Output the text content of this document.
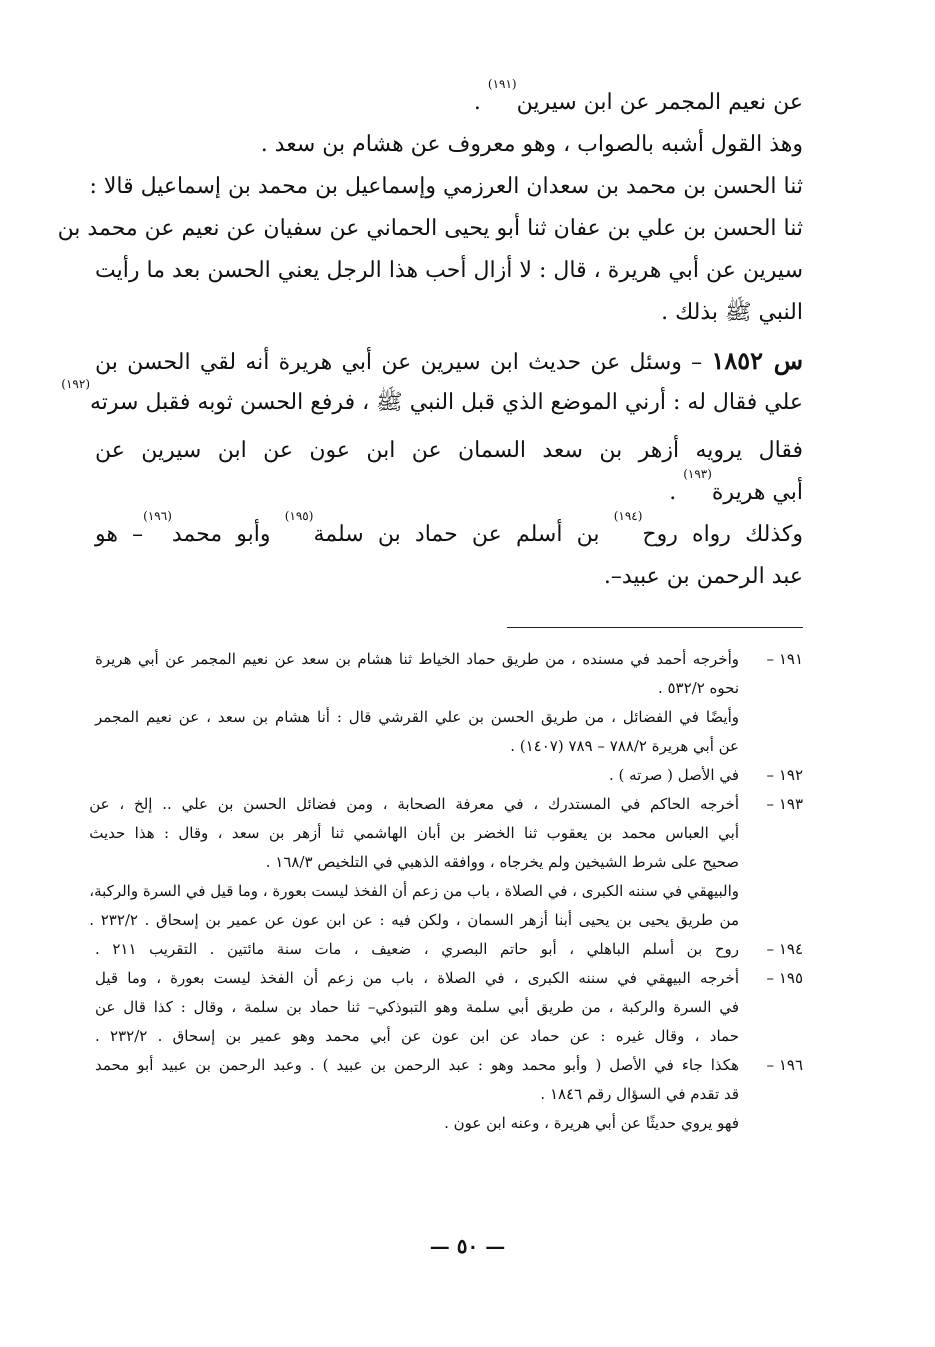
عن نعيم المجمر عن ابن سيرين$^{(١٩١)}$ .
وهذ القول أشبه بالصواب ، وهو معروف عن هشام بن سعد .
ثنا الحسن بن محمد بن سعدان العرزمي وإسماعيل بن محمد بن إسماعيل قالا :
ثنا الحسن بن علي بن عفان ثنا أبو يحيى الحماني عن سفيان عن نعيم عن محمد بن
سيرين عن أبي هريرة ، قال : لا أزال أحب هذا الرجل يعني الحسن بعد ما رأيت
النبي ﷺ بذلك .
س ١٨٥٢ – وسئل عن حديث ابن سيرين عن أبي هريرة أنه لقي الحسن بن
علي فقال له : أرني الموضع الذي قبل النبي ﷺ ، فرفع الحسن ثوبه فقبل سرته$^{(١٩٢)}$
فقال يرويه أزهر بن سعد السمان عن ابن عون عن ابن سيرين عن
أبي هريرة$^{(١٩٣)}$ .
وكذلك رواه روح$^{(١٩٤)}$ بن أسلم عن حماد بن سلمة$^{(١٩٥)}$ وأبو محمد$^{(١٩٦)}$– هو
عبد الرحمن بن عبيد–.
١٩١ –
وأخرجه أحمد في مسنده ، من طريق حماد الخياط ثنا هشام بن سعد عن نعيم المجمر عن أبي هريرة
نحوه ٥٣٢/٢ .
وأيضًا في الفضائل ، من طريق الحسن بن علي القرشي قال : أنا هشام بن سعد ، عن نعيم المجمر
عن أبي هريرة ٧٨٨/٢ – ٧٨٩ (١٤٠٧) .
١٩٢ –
في الأصل ( صرته ) .
١٩٣ –
أخرجه الحاكم في المستدرك ، في معرفة الصحابة ، ومن فضائل الحسن بن علي .. إلخ ، عن
أبي العباس محمد بن يعقوب ثنا الخضر بن أبان الهاشمي ثنا أزهر بن سعد ، وقال : هذا حديث
صحيح على شرط الشيخين ولم يخرجاه ، ووافقه الذهبي في التلخيص ١٦٨/٣ .
والبيهقي في سننه الكبرى ، في الصلاة ، باب من زعم أن الفخذ ليست بعورة ، وما قيل في السرة والركبة،
من طريق يحيى بن يحيى أبنا أزهر السمان ، ولكن فيه : عن ابن عون عن عمير بن إسحاق . ٢٣٢/٢ .
١٩٤ –
روح بن أسلم الباهلي ، أبو حاتم البصري ، ضعيف ، مات سنة مائتين . التقريب ٢١١ .
١٩٥ –
أخرجه البيهقي في سننه الكبرى ، في الصلاة ، باب من زعم أن الفخذ ليست بعورة ، وما قيل
في السرة والركبة ، من طريق أبي سلمة وهو التبوذكي– ثنا حماد بن سلمة ، وقال : كذا قال عن
حماد ، وقال غيره : عن حماد عن ابن عون عن أبي محمد وهو عمير بن إسحاق . ٢٣٢/٢ .
١٩٦ –
هكذا جاء في الأصل ( وأبو محمد وهو : عبد الرحمن بن عبيد ) . وعبد الرحمن بن عبيد أبو محمد
قد تقدم في السؤال رقم ١٨٤٦ .
فهو يروي حديثًا عن أبي هريرة ، وعنه ابن عون .
— ٥٠ —
